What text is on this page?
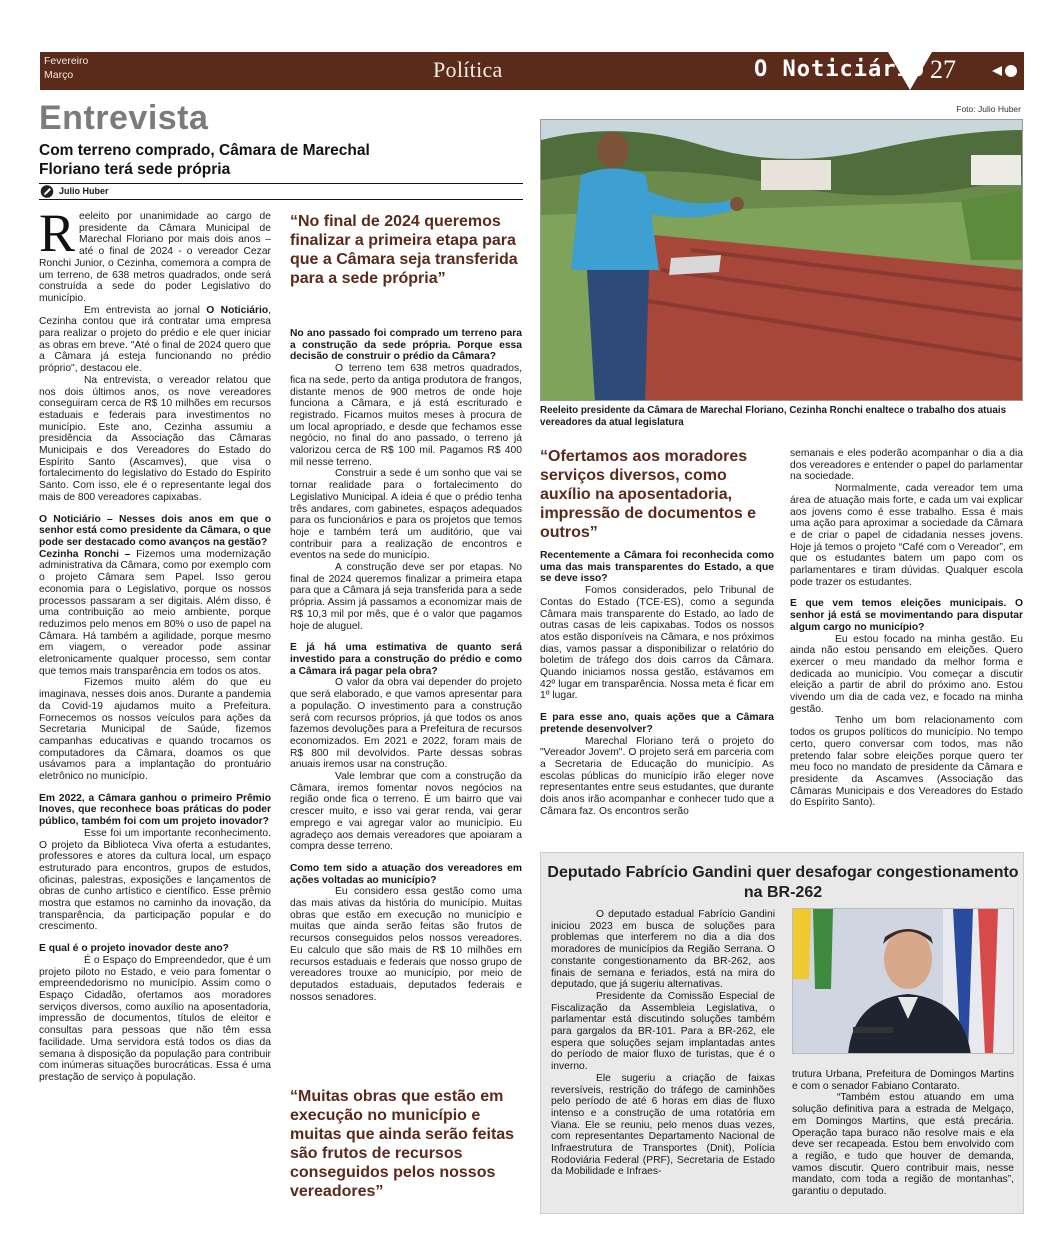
Fevereiro
Março	Política	O Noticiário 27
Foto: Julio Huber
Entrevista
Com terreno comprado, Câmara de Marechal Floriano terá sede própria
Julio Huber

Reeleito por unanimidade ao cargo de presidente da Câmara Municipal de Marechal Floriano por mais dois anos – até o final de 2024 - o vereador Cezar Ronchi Junior, o Cezinha, comemora a compra de um terreno, de 638 metros quadrados, onde será construída a sede do poder Legislativo do município.

Em entrevista ao jornal O Noticiário, Cezinha contou que irá contratar uma empresa para realizar o projeto do prédio e ele quer iniciar as obras em breve. "Até o final de 2024 quero que a Câmara já esteja funcionando no prédio próprio", destacou ele.

Na entrevista, o vereador relatou que nos dois últimos anos, os nove vereadores conseguiram cerca de R$ 10 milhões em recursos estaduais e federais para investimentos no município. Este ano, Cezinha assumiu a presidência da Associação das Câmaras Municipais e dos Vereadores do Estado do Espírito Santo (Ascamves), que visa o fortalecimento do legislativo do Estado do Espírito Santo. Com isso, ele é o representante legal dos mais de 800 vereadores capixabas.

O Noticiário – Nesses dois anos em que o senhor está como presidente da Câmara, o que pode ser destacado como avanços na gestão?

Cezinha Ronchi – Fizemos uma modernização administrativa da Câmara, como por exemplo com o projeto Câmara sem Papel. Isso gerou economia para o Legislativo, porque os nossos processos passaram a ser digitais. Além disso, é uma contribuição ao meio ambiente, porque reduzimos pelo menos em 80% o uso de papel na Câmara. Há também a agilidade, porque mesmo em viagem, o vereador pode assinar eletronicamente qualquer processo, sem contar que temos mais transparência em todos os atos.

Fizemos muito além do que eu imaginava, nesses dois anos. Durante a pandemia da Covid-19 ajudamos muito a Prefeitura. Fornecemos os nossos veículos para ações da Secretaria Municipal de Saúde, fizemos campanhas educativas e quando trocamos os computadores da Câmara, doamos os que usávamos para a implantação do prontuário eletrônico no município.

Em 2022, a Câmara ganhou o primeiro Prêmio Inoves, que reconhece boas práticas do poder público, também foi com um projeto inovador?

Esse foi um importante reconhecimento. O projeto da Biblioteca Viva oferta a estudantes, professores e atores da cultura local, um espaço estruturado para encontros, grupos de estudos, oficinas, palestras, exposições e lançamentos de obras de cunho artístico e científico. Esse prêmio mostra que estamos no caminho da inovação, da transparência, da participação popular e do crescimento.

E qual é o projeto inovador deste ano?

É o Espaço do Empreendedor, que é um projeto piloto no Estado, e veio para fomentar o empreendedorismo no município. Assim como o Espaço Cidadão, ofertamos aos moradores serviços diversos, como auxílio na aposentadoria, impressão de documentos, títulos de eleitor e consultas para pessoas que não têm essa facilidade. Uma servidora está todos os dias da semana à disposição da população para contribuir com inúmeras situações burocráticas. Essa é uma prestação de serviço à população.

“No final de 2024 queremos finalizar a primeira etapa para que a Câmara seja transferida para a sede própria”

No ano passado foi comprado um terreno para a construção da sede própria. Porque essa decisão de construir o prédio da Câmara?

O terreno tem 638 metros quadrados, fica na sede, perto da antiga produtora de frangos, distante menos de 900 metros de onde hoje funciona a Câmara, e já está escriturado e registrado. Ficamos muitos meses à procura de um local apropriado, e desde que fechamos esse negócio, no final do ano passado, o terreno já valorizou cerca de R$ 100 mil. Pagamos R$ 400 mil nesse terreno.

Construir a sede é um sonho que vai se tornar realidade para o fortalecimento do Legislativo Municipal. A ideia é que o prédio tenha três andares, com gabinetes, espaços adequados para os funcionários e para os projetos que temos hoje e também terá um auditório, que vai contribuir para a realização de encontros e eventos na sede do município.

A construção deve ser por etapas. No final de 2024 queremos finalizar a primeira etapa para que a Câmara já seja transferida para a sede própria. Assim já passamos a economizar mais de R$ 10,3 mil por mês, que é o valor que pagamos hoje de aluguel.

E já há uma estimativa de quanto será investido para a construção do prédio e como a Câmara irá pagar pela obra?

O valor da obra vai depender do projeto que será elaborado, e que vamos apresentar para a população. O investimento para a construção será com recursos próprios, já que todos os anos fazemos devoluções para a Prefeitura de recursos economizados. Em 2021 e 2022, foram mais de R$ 800 mil devolvidos. Parte dessas sobras anuais iremos usar na construção.

Vale lembrar que com a construção da Câmara, iremos fomentar novos negócios na região onde fica o terreno. É um bairro que vai crescer muito, e isso vai gerar renda, vai gerar emprego e vai agregar valor ao município. Eu agradeço aos demais vereadores que apoiaram a compra desse terreno.

Como tem sido a atuação dos vereadores em ações voltadas ao município?

Eu considero essa gestão como uma das mais ativas da história do município. Muitas obras que estão em execução no município e muitas que ainda serão feitas são frutos de recursos conseguidos pelos nossos vereadores. Eu calculo que são mais de R$ 10 milhões em recursos estaduais e federais que nosso grupo de vereadores trouxe ao município, por meio de deputados estaduais, deputados federais e nossos senadores.

“Muitas obras que estão em execução no município e muitas que ainda serão feitas são frutos de recursos conseguidos pelos nossos vereadores”
Reeleito presidente da Câmara de Marechal Floriano, Cezinha Ronchi enaltece o trabalho dos atuais vereadores da atual legislatura
“Ofertamos aos moradores serviços diversos, como auxílio na aposentadoria, impressão de documentos e outros”

Recentemente a Câmara foi reconhecida como uma das mais transparentes do Estado, a que se deve isso?

Fomos considerados, pelo Tribunal de Contas do Estado (TCE-ES), como a segunda Câmara mais transparente do Estado, ao lado de outras casas de leis capixabas. Todos os nossos atos estão disponíveis na Câmara, e nos próximos dias, vamos passar a disponibilizar o relatório do boletim de tráfego dos dois carros da Câmara. Quando iniciamos nossa gestão, estávamos em 42º lugar em transparência. Nossa meta é ficar em 1º lugar.

E para esse ano, quais ações que a Câmara pretende desenvolver?

Marechal Floriano terá o projeto do "Vereador Jovem". O projeto será em parceria com a Secretaria de Educação do município. As escolas públicas do município irão eleger nove representantes entre seus estudantes, que durante dois anos irão acompanhar e conhecer tudo que a Câmara faz. Os encontros serão

semanais e eles poderão acompanhar o dia a dia dos vereadores e entender o papel do parlamentar na sociedade.

Normalmente, cada vereador tem uma área de atuação mais forte, e cada um vai explicar aos jovens como é esse trabalho. Essa é mais uma ação para aproximar a sociedade da Câmara e de criar o papel de cidadania nesses jovens. Hoje já temos o projeto “Café com o Vereador”, em que os estudantes batem um papo com os parlamentares e tiram dúvidas. Qualquer escola pode trazer os estudantes.

E que vem temos eleições municipais. O senhor já está se movimentando para disputar algum cargo no município?

Eu estou focado na minha gestão. Eu ainda não estou pensando em eleições. Quero exercer o meu mandado da melhor forma e dedicada ao município. Vou começar a discutir eleição a partir de abril do próximo ano. Estou vivendo um dia de cada vez, e focado na minha gestão.

Tenho um bom relacionamento com todos os grupos políticos do município. No tempo certo, quero conversar com todos, mas não pretendo falar sobre eleições porque quero ter meu foco no mandato de presidente da Câmara e presidente da Ascamves (Associação das Câmaras Municipais e dos Vereadores do Estado do Espírito Santo).

Deputado Fabrício Gandini quer desafogar congestionamento na BR-262

O deputado estadual Fabrício Gandini iniciou 2023 em busca de soluções para problemas que interferem no dia a dia dos moradores de municípios da Região Serrana. O constante congestionamento da BR-262, aos finais de semana e feriados, está na mira do deputado, que já sugeriu alternativas.

Presidente da Comissão Especial de Fiscalização da Assembleia Legislativa, o parlamentar está discutindo soluções também para gargalos da BR-101. Para a BR-262, ele espera que soluções sejam implantadas antes do período de maior fluxo de turistas, que é o inverno.

Ele sugeriu a criação de faixas reversíveis, restrição do tráfego de caminhões pelo período de até 6 horas em dias de fluxo intenso e a construção de uma rotatória em Viana. Ele se reuniu, pelo menos duas vezes, com representantes Departamento Nacional de Infraestrutura de Transportes (Dnit), Polícia Rodoviária Federal (PRF), Secretaria de Estado da Mobilidade e Infraes-

trutura Urbana, Prefeitura de Domingos Martins e com o senador Fabiano Contarato.

“Também estou atuando em uma solução definitiva para a estrada de Melgaço, em Domingos Martins, que está precária. Operação tapa buraco não resolve mais e ela deve ser recapeada. Estou bem envolvido com a região, e tudo que houver de demanda, vamos discutir. Quero contribuir mais, nesse mandato, com toda a região de montanhas”, garantiu o deputado.
